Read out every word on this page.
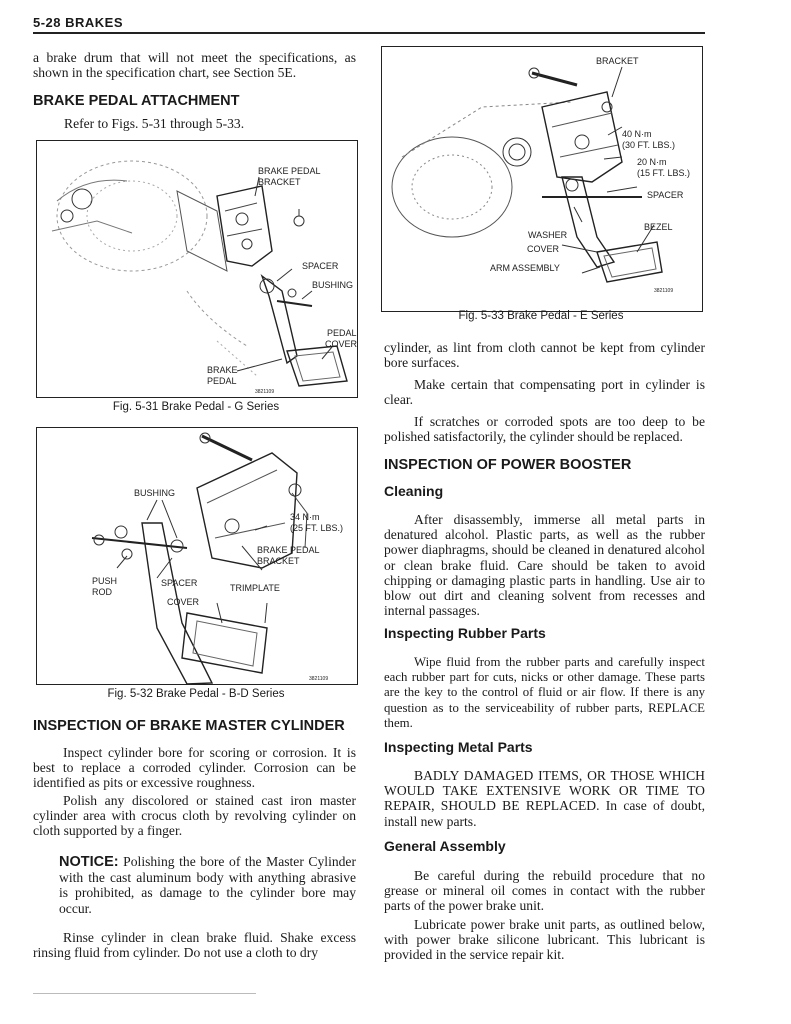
5-28 BRAKES

a brake drum that will not meet the specifications, as shown in the specification chart, see Section 5E.

BRAKE PEDAL ATTACHMENT

Refer to Figs. 5-31 through 5-33.

3821109
BRAKE PEDAL
BRACKET
SPACER
BUSHING
PEDAL
COVER
BRAKE
PEDAL
Fig. 5-31 Brake Pedal - G Series
3821109
BUSHING
34 N·m
(25 FT. LBS.)
BRAKE PEDAL
BRACKET
PUSH
ROD
SPACER	TRIMPLATE
COVER
Fig. 5-32 Brake Pedal - B-D Series
INSPECTION OF BRAKE MASTER CYLINDER

Inspect cylinder bore for scoring or corrosion. It is best to replace a corroded cylinder. Corrosion can be identified as pits or excessive roughness.

Polish any discolored or stained cast iron master cylinder area with crocus cloth by revolving cylinder on cloth supported by a finger.

NOTICE: Polishing the bore of the Master Cylinder with the cast aluminum body with anything abrasive is prohibited, as damage to the cylinder bore may occur.

Rinse cylinder in clean brake fluid. Shake excess rinsing fluid from cylinder. Do not use a cloth to dry

3821109
BRACKET
40 N·m
(30 FT. LBS.)
20 N·m
(15 FT. LBS.)
SPACER
BEZEL
WASHER
COVER
ARM ASSEMBLY
Fig. 5-33 Brake Pedal - E Series

cylinder, as lint from cloth cannot be kept from cylinder bore surfaces.

Make certain that compensating port in cylinder is clear.

If scratches or corroded spots are too deep to be polished satisfactorily, the cylinder should be replaced.

INSPECTION OF POWER BOOSTER
Cleaning

After disassembly, immerse all metal parts in denatured alcohol. Plastic parts, as well as the rubber power diaphragms, should be cleaned in denatured alcohol or clean brake fluid. Care should be taken to avoid chipping or damaging plastic parts in handling. Use air to blow out dirt and cleaning solvent from recesses and internal passages.

Inspecting Rubber Parts

Wipe fluid from the rubber parts and carefully inspect each rubber part for cuts, nicks or other damage. These parts are the key to the control of fluid or air flow. If there is any question as to the serviceability of rubber parts, REPLACE them.

Inspecting Metal Parts

BADLY DAMAGED ITEMS, OR THOSE WHICH WOULD TAKE EXTENSIVE WORK OR TIME TO REPAIR, SHOULD BE REPLACED. In case of doubt, install new parts.

General Assembly

Be careful during the rebuild procedure that no grease or mineral oil comes in contact with the rubber parts of the power brake unit.

Lubricate power brake unit parts, as outlined below, with power brake silicone lubricant. This lubricant is provided in the service repair kit.
